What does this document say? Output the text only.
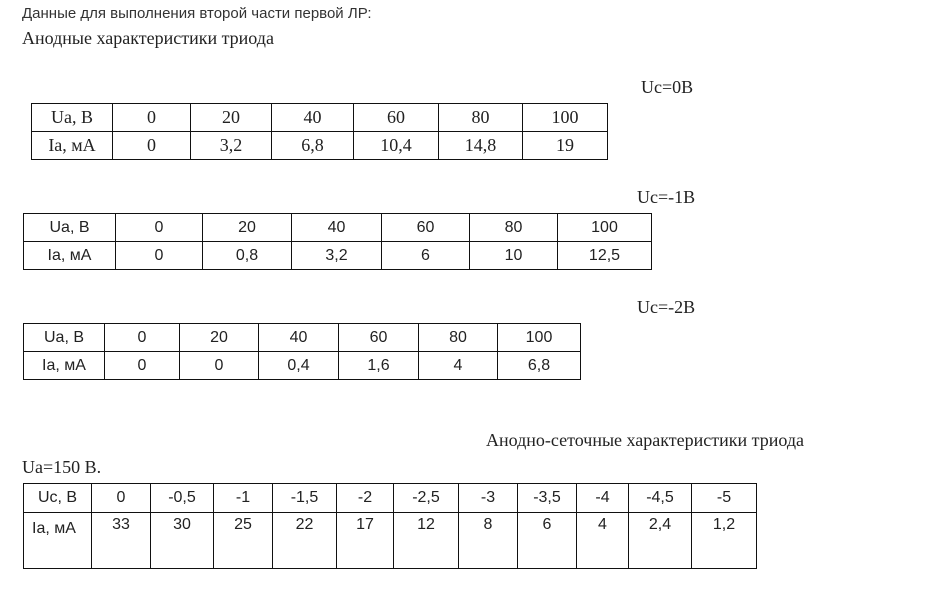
Данные для выполнения второй части первой ЛР:
Анодные характеристики триода
Uc=0B
Ua, B	0	20	40	60	80	100
Ia, мА	0	3,2	6,8	10,4	14,8	19
Uc=-1B
Ua, В	0	20	40	60	80	100
Ia, мА	0	0,8	3,2	6	10	12,5
Uc=-2B
Ua, В	0	20	40	60	80	100
Ia, мА	0	0	0,4	1,6	4	6,8
Анодно-сеточные характеристики триода
Ua=150 B.
Uc, В	0	-0,5	-1	-1,5	-2	-2,5	-3	-3,5	-4	-4,5	-5
Ia, мА	33	30	25	22	17	12	8	6	4	2,4	1,2
